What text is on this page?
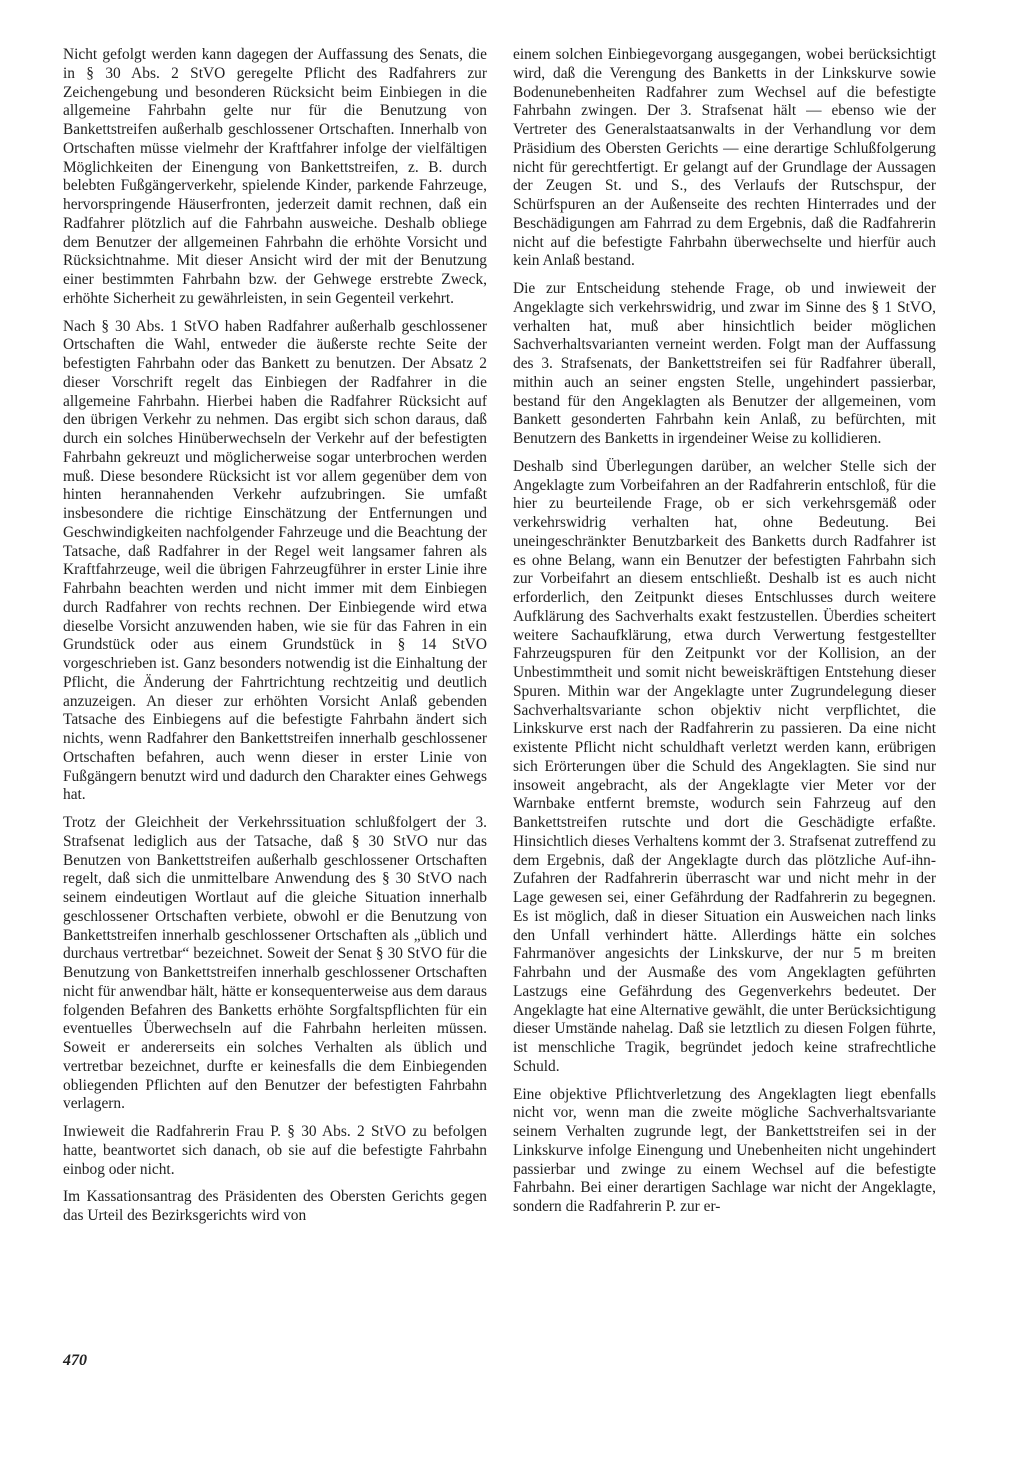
Nicht gefolgt werden kann dagegen der Auffassung des Senats, die in § 30 Abs. 2 StVO geregelte Pflicht des Radfahrers zur Zeichengebung und besonderen Rücksicht beim Einbiegen in die allgemeine Fahrbahn gelte nur für die Benutzung von Bankettstreifen außerhalb geschlossener Ortschaften. Innerhalb von Ortschaften müsse vielmehr der Kraftfahrer infolge der vielfältigen Möglichkeiten der Einengung von Bankettstreifen, z. B. durch belebten Fußgängerverkehr, spielende Kinder, parkende Fahrzeuge, hervorspringende Häuserfronten, jederzeit damit rechnen, daß ein Radfahrer plötzlich auf die Fahrbahn ausweiche. Deshalb obliege dem Benutzer der allgemeinen Fahrbahn die erhöhte Vorsicht und Rücksichtnahme. Mit dieser Ansicht wird der mit der Benutzung einer bestimmten Fahrbahn bzw. der Gehwege erstrebte Zweck, erhöhte Sicherheit zu gewährleisten, in sein Gegenteil verkehrt.

Nach § 30 Abs. 1 StVO haben Radfahrer außerhalb geschlossener Ortschaften die Wahl, entweder die äußerste rechte Seite der befestigten Fahrbahn oder das Bankett zu benutzen. Der Absatz 2 dieser Vorschrift regelt das Einbiegen der Radfahrer in die allgemeine Fahrbahn. Hierbei haben die Radfahrer Rücksicht auf den übrigen Verkehr zu nehmen. Das ergibt sich schon daraus, daß durch ein solches Hinüberwechseln der Verkehr auf der befestigten Fahrbahn gekreuzt und möglicherweise sogar unterbrochen werden muß. Diese besondere Rücksicht ist vor allem gegenüber dem von hinten herannahenden Verkehr aufzubringen. Sie umfaßt insbesondere die richtige Einschätzung der Entfernungen und Geschwindigkeiten nachfolgender Fahrzeuge und die Beachtung der Tatsache, daß Radfahrer in der Regel weit langsamer fahren als Kraftfahrzeuge, weil die übrigen Fahrzeugführer in erster Linie ihre Fahrbahn beachten werden und nicht immer mit dem Einbiegen durch Radfahrer von rechts rechnen. Der Einbiegende wird etwa dieselbe Vorsicht anzuwenden haben, wie sie für das Fahren in ein Grundstück oder aus einem Grundstück in § 14 StVO vorgeschrieben ist. Ganz besonders notwendig ist die Einhaltung der Pflicht, die Änderung der Fahrtrichtung rechtzeitig und deutlich anzuzeigen. An dieser zur erhöhten Vorsicht Anlaß gebenden Tatsache des Einbiegens auf die befestigte Fahrbahn ändert sich nichts, wenn Radfahrer den Bankettstreifen innerhalb geschlossener Ortschaften befahren, auch wenn dieser in erster Linie von Fußgängern benutzt wird und dadurch den Charakter eines Gehwegs hat.

Trotz der Gleichheit der Verkehrssituation schlußfolgert der 3. Strafsenat lediglich aus der Tatsache, daß § 30 StVO nur das Benutzen von Bankettstreifen außerhalb geschlossener Ortschaften regelt, daß sich die unmittelbare Anwendung des § 30 StVO nach seinem eindeutigen Wortlaut auf die gleiche Situation innerhalb geschlossener Ortschaften verbiete, obwohl er die Benutzung von Bankettstreifen innerhalb geschlossener Ortschaften als „üblich und durchaus vertretbar“ bezeichnet. Soweit der Senat § 30 StVO für die Benutzung von Bankettstreifen innerhalb geschlossener Ortschaften nicht für anwendbar hält, hätte er konsequenterweise aus dem daraus folgenden Befahren des Banketts erhöhte Sorgfaltspflichten für ein eventuelles Überwechseln auf die Fahrbahn herleiten müssen. Soweit er andererseits ein solches Verhalten als üblich und vertretbar bezeichnet, durfte er keinesfalls die dem Einbiegenden obliegenden Pflichten auf den Benutzer der befestigten Fahrbahn verlagern.

Inwieweit die Radfahrerin Frau P. § 30 Abs. 2 StVO zu befolgen hatte, beantwortet sich danach, ob sie auf die befestigte Fahrbahn einbog oder nicht.

Im Kassationsantrag des Präsidenten des Obersten Gerichts gegen das Urteil des Bezirksgerichts wird von

einem solchen Einbiegevorgang ausgegangen, wobei berücksichtigt wird, daß die Verengung des Banketts in der Linkskurve sowie Bodenunebenheiten Radfahrer zum Wechsel auf die befestigte Fahrbahn zwingen. Der 3. Strafsenat hält — ebenso wie der Vertreter des Generalstaatsanwalts in der Verhandlung vor dem Präsidium des Obersten Gerichts — eine derartige Schlußfolgerung nicht für gerechtfertigt. Er gelangt auf der Grundlage der Aussagen der Zeugen St. und S., des Verlaufs der Rutschspur, der Schürfspuren an der Außenseite des rechten Hinterrades und der Beschädigungen am Fahrrad zu dem Ergebnis, daß die Radfahrerin nicht auf die befestigte Fahrbahn überwechselte und hierfür auch kein Anlaß bestand.

Die zur Entscheidung stehende Frage, ob und inwieweit der Angeklagte sich verkehrswidrig, und zwar im Sinne des § 1 StVO, verhalten hat, muß aber hinsichtlich beider möglichen Sachverhaltsvarianten verneint werden. Folgt man der Auffassung des 3. Strafsenats, der Bankettstreifen sei für Radfahrer überall, mithin auch an seiner engsten Stelle, ungehindert passierbar, bestand für den Angeklagten als Benutzer der allgemeinen, vom Bankett gesonderten Fahrbahn kein Anlaß, zu befürchten, mit Benutzern des Banketts in irgendeiner Weise zu kollidieren.

Deshalb sind Überlegungen darüber, an welcher Stelle sich der Angeklagte zum Vorbeifahren an der Radfahrerin entschloß, für die hier zu beurteilende Frage, ob er sich verkehrsgemäß oder verkehrswidrig verhalten hat, ohne Bedeutung. Bei uneingeschränkter Benutzbarkeit des Banketts durch Radfahrer ist es ohne Belang, wann ein Benutzer der befestigten Fahrbahn sich zur Vorbeifahrt an diesem entschließt. Deshalb ist es auch nicht erforderlich, den Zeitpunkt dieses Entschlusses durch weitere Aufklärung des Sachverhalts exakt festzustellen. Überdies scheitert weitere Sachaufklärung, etwa durch Verwertung festgestellter Fahrzeugspuren für den Zeitpunkt vor der Kollision, an der Unbestimmtheit und somit nicht beweiskräftigen Entstehung dieser Spuren. Mithin war der Angeklagte unter Zugrundelegung dieser Sachverhaltsvariante schon objektiv nicht verpflichtet, die Linkskurve erst nach der Radfahrerin zu passieren. Da eine nicht existente Pflicht nicht schuldhaft verletzt werden kann, erübrigen sich Erörterungen über die Schuld des Angeklagten. Sie sind nur insoweit angebracht, als der Angeklagte vier Meter vor der Warnbake entfernt bremste, wodurch sein Fahrzeug auf den Bankettstreifen rutschte und dort die Geschädigte erfaßte. Hinsichtlich dieses Verhaltens kommt der 3. Strafsenat zutreffend zu dem Ergebnis, daß der Angeklagte durch das plötzliche Auf-ihn-Zufahren der Radfahrerin überrascht war und nicht mehr in der Lage gewesen sei, einer Gefährdung der Radfahrerin zu begegnen. Es ist möglich, daß in dieser Situation ein Ausweichen nach links den Unfall verhindert hätte. Allerdings hätte ein solches Fahrmanöver angesichts der Linkskurve, der nur 5 m breiten Fahrbahn und der Ausmaße des vom Angeklagten geführten Lastzugs eine Gefährdung des Gegenverkehrs bedeutet. Der Angeklagte hat eine Alternative gewählt, die unter Berücksichtigung dieser Umstände nahelag. Daß sie letztlich zu diesen Folgen führte, ist menschliche Tragik, begründet jedoch keine strafrechtliche Schuld.

Eine objektive Pflichtverletzung des Angeklagten liegt ebenfalls nicht vor, wenn man die zweite mögliche Sachverhaltsvariante seinem Verhalten zugrunde legt, der Bankettstreifen sei in der Linkskurve infolge Einengung und Unebenheiten nicht ungehindert passierbar und zwinge zu einem Wechsel auf die befestigte Fahrbahn. Bei einer derartigen Sachlage war nicht der Angeklagte, sondern die Radfahrerin P. zur er-

470
